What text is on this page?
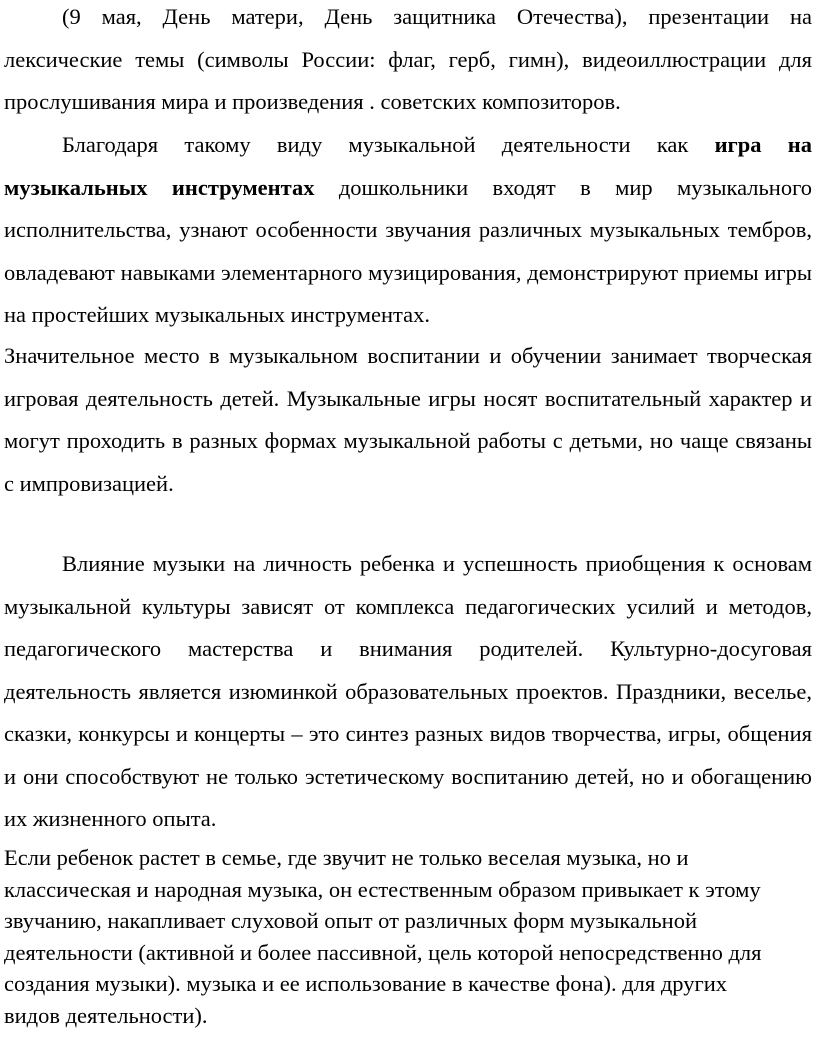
(9 мая, День матери, День защитника Отечества), презентации на лексические темы (символы России: флаг, герб, гимн), видеоиллюстрации для прослушивания мира и произведения . советских композиторов.

Благодаря такому виду музыкальной деятельности как игра на музыкальных инструментах дошкольники входят в мир музыкального исполнительства, узнают особенности звучания различных музыкальных тембров, овладевают навыками элементарного музицирования, демонстрируют приемы игры на простейших музыкальных инструментах.

Значительное место в музыкальном воспитании и обучении занимает творческая игровая деятельность детей. Музыкальные игры носят воспитательный характер и могут проходить в разных формах музыкальной работы с детьми, но чаще связаны с импровизацией.

Влияние музыки на личность ребенка и успешность приобщения к основам музыкальной культуры зависят от комплекса педагогических усилий и методов, педагогического мастерства и внимания родителей. Культурно-досуговая деятельность является изюминкой образовательных проектов. Праздники, веселье, сказки, конкурсы и концерты – это синтез разных видов творчества, игры, общения и они способствуют не только эстетическому воспитанию детей, но и обогащению их жизненного опыта.

Если ребенок растет в семье, где звучит не только веселая музыка, но и классическая и народная музыка, он естественным образом привыкает к этому звучанию, накапливает слуховой опыт от различных форм музыкальной деятельности (активной и более пассивной, цель которой непосредственно для создания музыки). музыка и ее использование в качестве фона). для других видов деятельности).
